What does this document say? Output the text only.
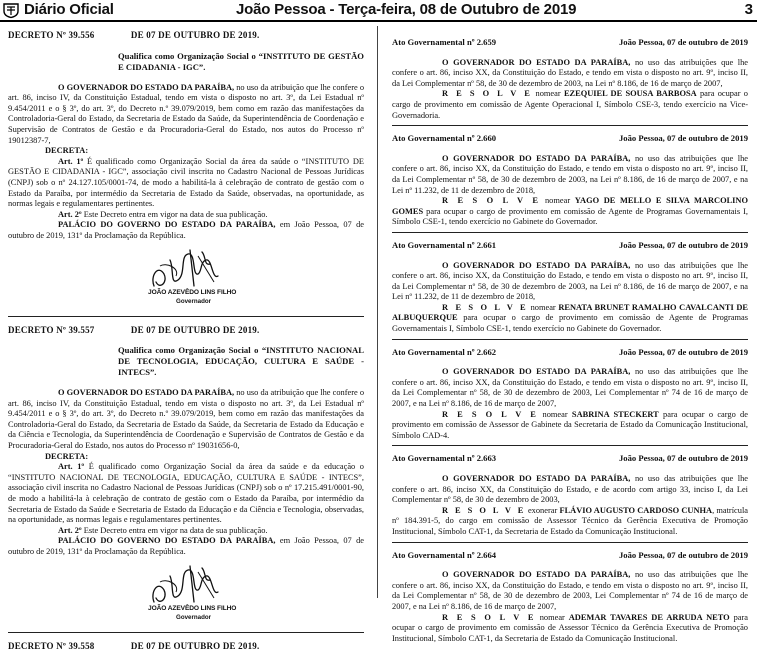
Diário Oficial	João Pessoa - Terça-feira, 08 de Outubro de 2019	3
DECRETO Nº 39.556	DE 07 DE OUTUBRO DE 2019.

Qualifica como Organização Social o “INSTITUTO DE GESTÃO E CIDADANIA - IGC”.

O GOVERNADOR DO ESTADO DA PARAÍBA, no uso da atribuição que lhe confere o art. 86, inciso IV, da Constituição Estadual, tendo em vista o disposto no art. 3º, da Lei Estadual nº 9.454/2011 e o § 3º, do art. 3º, do Decreto n.º 39.079/2019, bem como em razão das manifestações da Controladoria-Geral do Estado, da Secretaria de Estado da Saúde, da Superintendência de Coordenação e Supervisão de Contratos de Gestão e da Procuradoria-Geral do Estado, nos autos do Processo nº 19012387-7,

DECRETA:

Art. 1º É qualificado como Organização Social da área da saúde o “INSTITUTO DE GESTÃO E CIDADANIA - IGC”, associação civil inscrita no Cadastro Nacional de Pessoas Jurídicas (CNPJ) sob o nº 24.127.105/0001-74, de modo a habilitá-la à celebração de contrato de gestão com o Estado da Paraíba, por intermédio da Secretaria de Estado da Saúde, observadas, na oportunidade, as normas legais e regulamentares pertinentes.

Art. 2º Este Decreto entra em vigor na data de sua publicação.

PALÁCIO DO GOVERNO DO ESTADO DA PARAÍBA, em João Pessoa, 07 de outubro de 2019, 131º da Proclamação da República.

JOÃO AZEVÊDO LINS FILHO
Governador
DECRETO Nº 39.557	DE 07 DE OUTUBRO DE 2019.

Qualifica como Organização Social o “INSTITUTO NACIONAL DE TECNOLOGIA, EDUCAÇÃO, CULTURA E SAÚDE - INTECS”.

O GOVERNADOR DO ESTADO DA PARAÍBA, no uso da atribuição que lhe confere o art. 86, inciso IV, da Constituição Estadual, tendo em vista o disposto no art. 3º, da Lei Estadual nº 9.454/2011 e o § 3º, do art. 3º, do Decreto n.º 39.079/2019, bem como em razão das manifestações da Controladoria-Geral do Estado, da Secretaria de Estado da Saúde, da Secretaria de Estado da Educação e da Ciência e Tecnologia, da Superintendência de Coordenação e Supervisão de Contratos de Gestão e da Procuradoria-Geral do Estado, nos autos do Processo nº 19031656-0,

DECRETA:

Art. 1º É qualificado como Organização Social da área da saúde e da educação o “INSTITUTO NACIONAL DE TECNOLOGIA, EDUCAÇÃO, CULTURA E SAÚDE - INTECS”, associação civil inscrita no Cadastro Nacional de Pessoas Jurídicas (CNPJ) sob o nº 17.215.491/0001-90, de modo a habilitá-la à celebração de contrato de gestão com o Estado da Paraíba, por intermédio da Secretaria de Estado da Saúde e Secretaria de Estado da Educação e da Ciência e Tecnologia, observadas, na oportunidade, as normas legais e regulamentares pertinentes.

Art. 2º Este Decreto entra em vigor na data de sua publicação.

PALÁCIO DO GOVERNO DO ESTADO DA PARAÍBA, em João Pessoa, 07 de outubro de 2019, 131º da Proclamação da República.

JOÃO AZEVÊDO LINS FILHO
Governador
DECRETO Nº 39.558	DE 07 DE OUTUBRO DE 2019.
Ato Governamental nº 2.659	João Pessoa, 07 de outubro de 2019

O GOVERNADOR DO ESTADO DA PARAÍBA, no uso das atribuições que lhe confere o art. 86, inciso XX, da Constituição do Estado, e tendo em vista o disposto no art. 9º, inciso II, da Lei Complementar nº 58, de 30 de dezembro de 2003, na Lei nº 8.186, de 16 de março de 2007,

R E S O L V E nomear EZEQUIEL DE SOUSA BARBOSA para ocupar o cargo de provimento em comissão de Agente Operacional I, Símbolo CSE-3, tendo exercício na Vice-Governadoria.

Ato Governamental nº 2.660	João Pessoa, 07 de outubro de 2019

O GOVERNADOR DO ESTADO DA PARAÍBA, no uso das atribuições que lhe confere o art. 86, inciso XX, da Constituição do Estado, e tendo em vista o disposto no art. 9º, inciso II, da Lei Complementar nº 58, de 30 de dezembro de 2003, na Lei nº 8.186, de 16 de março de 2007, e na Lei nº 11.232, de 11 de dezembro de 2018,

R E S O L V E nomear YAGO DE MELLO E SILVA MARCOLINO GOMES para ocupar o cargo de provimento em comissão de Agente de Programas Governamentais I, Símbolo CSE-1, tendo exercício no Gabinete do Governador.

Ato Governamental nº 2.661	João Pessoa, 07 de outubro de 2019

O GOVERNADOR DO ESTADO DA PARAÍBA, no uso das atribuições que lhe confere o art. 86, inciso XX, da Constituição do Estado, e tendo em vista o disposto no art. 9º, inciso II, da Lei Complementar nº 58, de 30 de dezembro de 2003, na Lei nº 8.186, de 16 de março de 2007, e na Lei nº 11.232, de 11 de dezembro de 2018,

R E S O L V E nomear RENATA BRUNET RAMALHO CAVALCANTI DE ALBUQUERQUE para ocupar o cargo de provimento em comissão de Agente de Programas Governamentais I, Símbolo CSE-1, tendo exercício no Gabinete do Governador.

Ato Governamental nº 2.662	João Pessoa, 07 de outubro de 2019

O GOVERNADOR DO ESTADO DA PARAÍBA, no uso das atribuições que lhe confere o art. 86, inciso XX, da Constituição do Estado, e tendo em vista o disposto no art. 9º, inciso II, da Lei Complementar nº 58, de 30 de dezembro de 2003, Lei Complementar nº 74 de 16 de março de 2007, e na Lei nº 8.186, de 16 de março de 2007,

R E S O L V E nomear SABRINA STECKERT para ocupar o cargo de provimento em comissão de Assessor de Gabinete da Secretaria de Estado da Comunicação Institucional, Símbolo CAD-4.

Ato Governamental nº 2.663	João Pessoa, 07 de outubro de 2019

O GOVERNADOR DO ESTADO DA PARAÍBA, no uso das atribuições que lhe confere o art. 86, inciso XX, da Constituição do Estado, e de acordo com artigo 33, inciso I, da Lei Complementar nº 58, de 30 de dezembro de 2003,

R E S O L V E exonerar FLÁVIO AUGUSTO CARDOSO CUNHA, matrícula nº 184.391-5, do cargo em comissão de Assessor Técnico da Gerência Executiva de Promoção Institucional, Símbolo CAT-1, da Secretaria de Estado da Comunicação Institucional.

Ato Governamental nº 2.664	João Pessoa, 07 de outubro de 2019

O GOVERNADOR DO ESTADO DA PARAÍBA, no uso das atribuições que lhe confere o art. 86, inciso XX, da Constituição do Estado, e tendo em vista o disposto no art. 9º, inciso II, da Lei Complementar nº 58, de 30 de dezembro de 2003, Lei Complementar nº 74 de 16 de março de 2007, e na Lei nº 8.186, de 16 de março de 2007,

R E S O L V E nomear ADEMAR TAVARES DE ARRUDA NETO para ocupar o cargo de provimento em comissão de Assessor Técnico da Gerência Executiva de Promoção Institucional, Símbolo CAT-1, da Secretaria de Estado da Comunicação Institucional.
